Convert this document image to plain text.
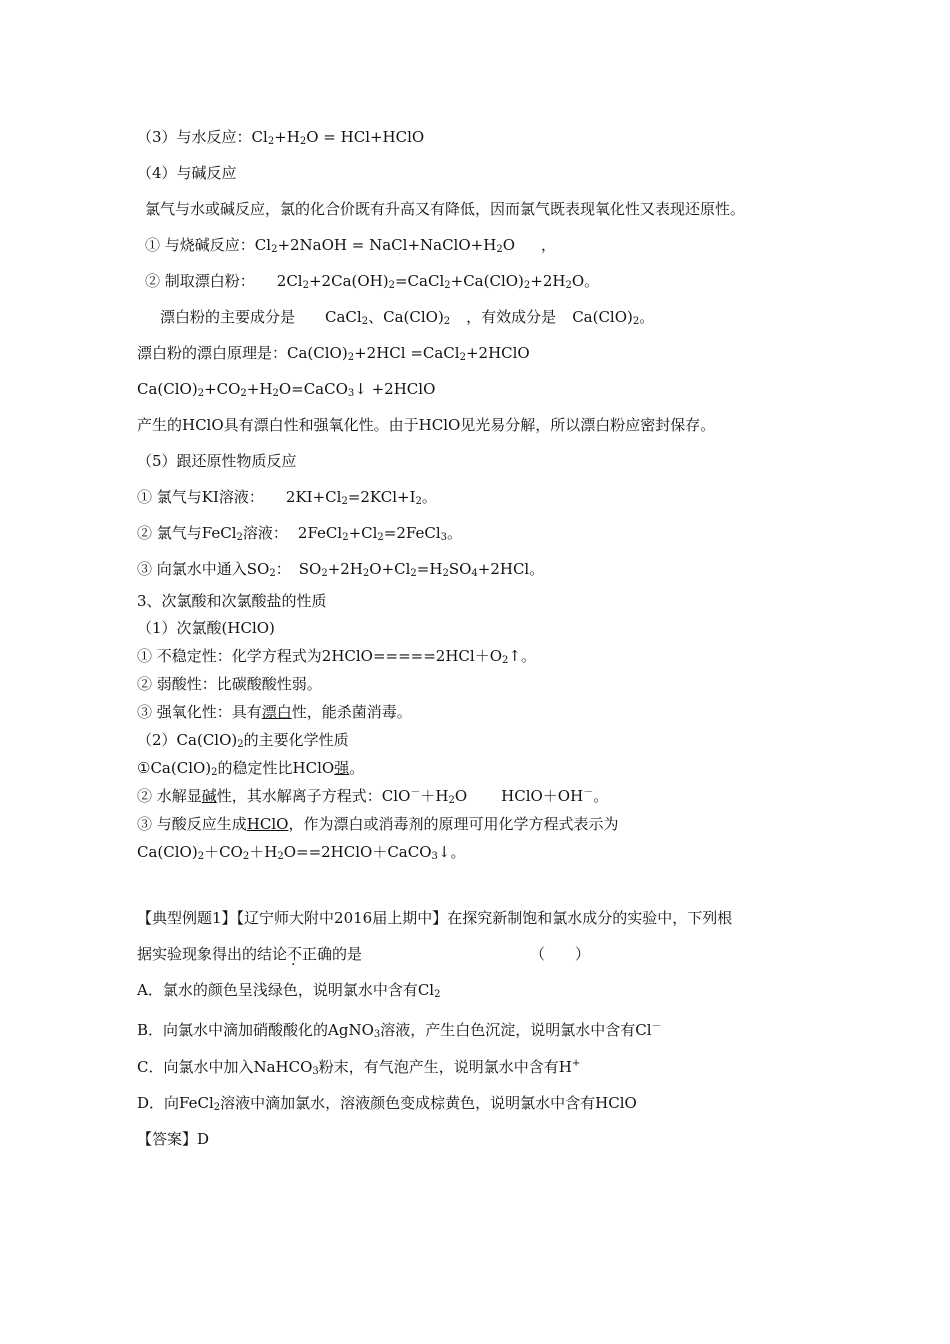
（3）与水反应：$Cl_2+H_2O$ = HCl+HClO
（4）与碱反应
氯气与水或碱反应，氯的化合价既有升高又有降低，因而氯气既表现氧化性又表现还原性。
① 与烧碱反应：$Cl_2+2NaOH$ = $NaCl+NaClO+H_2O$ ，
② 制取漂白粉： $2Cl_2+2Ca(OH)_2=CaCl_2+Ca(ClO)_2+2H_2O$。
漂白粉的主要成分是 CaCl$_2$、$Ca(ClO)_2$ ，有效成分是 $Ca(ClO)_2$。
漂白粉的漂白原理是：$Ca(ClO)_2+2HCl$ =CaCl$_2$+2HClO
$Ca(ClO)_2+CO_2+H_2O=CaCO_3↓$ +2HClO
产生的HClO具有漂白性和强氧化性。由于HClO见光易分解，所以漂白粉应密封保存。
（5）跟还原性物质反应
① 氯气与KI溶液： $2KI+Cl_2=2KCl+I_2$。
② 氯气与FeCl$_2$溶液： $2FeCl_2+Cl_2=2FeCl_3$。
③ 向氯水中通入$SO_2$： $SO_2+2H_2O+Cl_2=H_2SO_4+2HCl$。
3、次氯酸和次氯酸盐的性质
（1）次氯酸(HClO)
① 不稳定性：化学方程式为$2HClO=====2HCl+O_2↑$。
② 弱酸性：比碳酸酸性弱。
③ 强氧化性：具有漂白性，能杀菌消毒。
$(2)Ca(ClO)_2$的主要化学性质
$①Ca(ClO)_2$的稳定性比HClO强。
② 水解显碱性，其水解离子方程式：$ClO^-+H_2O$ HClO＋OH－。
③ 与酸反应生成HClO，作为漂白或消毒剂的原理可用化学方程式表示为
$Ca(ClO)_2+CO_2+H_2O==2HClO+CaCO_3↓$。
【典型例题1】【辽宁师大附中2016届上期中】在探究新制饱和氯水成分的实验中，下列根
据实验现象得出的结论不正确的是	（　　）
A．氯水的颜色呈浅绿色，说明氯水中含有$Cl_2$
B．向氯水中滴加硝酸酸化的AgNO$_3$溶液，产生白色沉淀，说明氯水中含有Cl－
C．向氯水中加入NaHCO$_3$粉末，有气泡产生，说明氯水中含有H+
D．向FeCl$_2$溶液中滴加氯水，溶液颜色变成棕黄色，说明氯水中含有HClO
【答案】D
